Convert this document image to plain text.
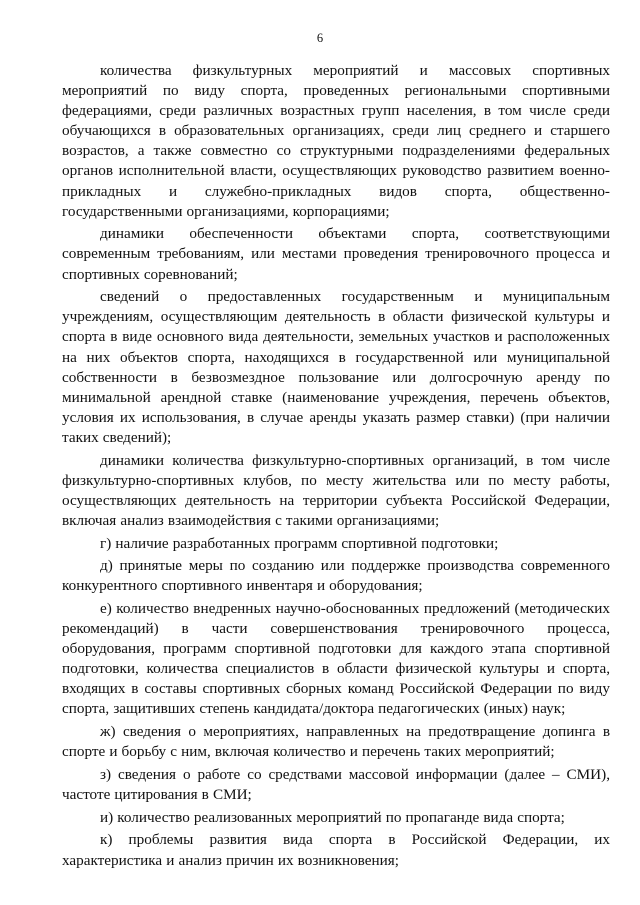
6

количества физкультурных мероприятий и массовых спортивных мероприятий по виду спорта, проведенных региональными спортивными федерациями, среди различных возрастных групп населения, в том числе среди обучающихся в образовательных организациях, среди лиц среднего и старшего возрастов, а также совместно со структурными подразделениями федеральных органов исполнительной власти, осуществляющих руководство развитием военно-прикладных и служебно-прикладных видов спорта, общественно-государственными организациями, корпорациями;

динамики обеспеченности объектами спорта, соответствующими современным требованиям, или местами проведения тренировочного процесса и спортивных соревнований;

сведений о предоставленных государственным и муниципальным учреждениям, осуществляющим деятельность в области физической культуры и спорта в виде основного вида деятельности, земельных участков и расположенных на них объектов спорта, находящихся в государственной или муниципальной собственности в безвозмездное пользование или долгосрочную аренду по минимальной арендной ставке (наименование учреждения, перечень объектов, условия их использования, в случае аренды указать размер ставки) (при наличии таких сведений);

динамики количества физкультурно-спортивных организаций, в том числе физкультурно-спортивных клубов, по месту жительства или по месту работы, осуществляющих деятельность на территории субъекта Российской Федерации, включая анализ взаимодействия с такими организациями;

г) наличие разработанных программ спортивной подготовки;

д) принятые меры по созданию или поддержке производства современного конкурентного спортивного инвентаря и оборудования;

е) количество внедренных научно-обоснованных предложений (методических рекомендаций) в части совершенствования тренировочного процесса, оборудования, программ спортивной подготовки для каждого этапа спортивной подготовки, количества специалистов в области физической культуры и спорта, входящих в составы спортивных сборных команд Российской Федерации по виду спорта, защитивших степень кандидата/доктора педагогических (иных) наук;

ж) сведения о мероприятиях, направленных на предотвращение допинга в спорте и борьбу с ним, включая количество и перечень таких мероприятий;

з) сведения о работе со средствами массовой информации (далее – СМИ), частоте цитирования в СМИ;

и) количество реализованных мероприятий по пропаганде вида спорта;

к) проблемы развития вида спорта в Российской Федерации, их характеристика и анализ причин их возникновения;
